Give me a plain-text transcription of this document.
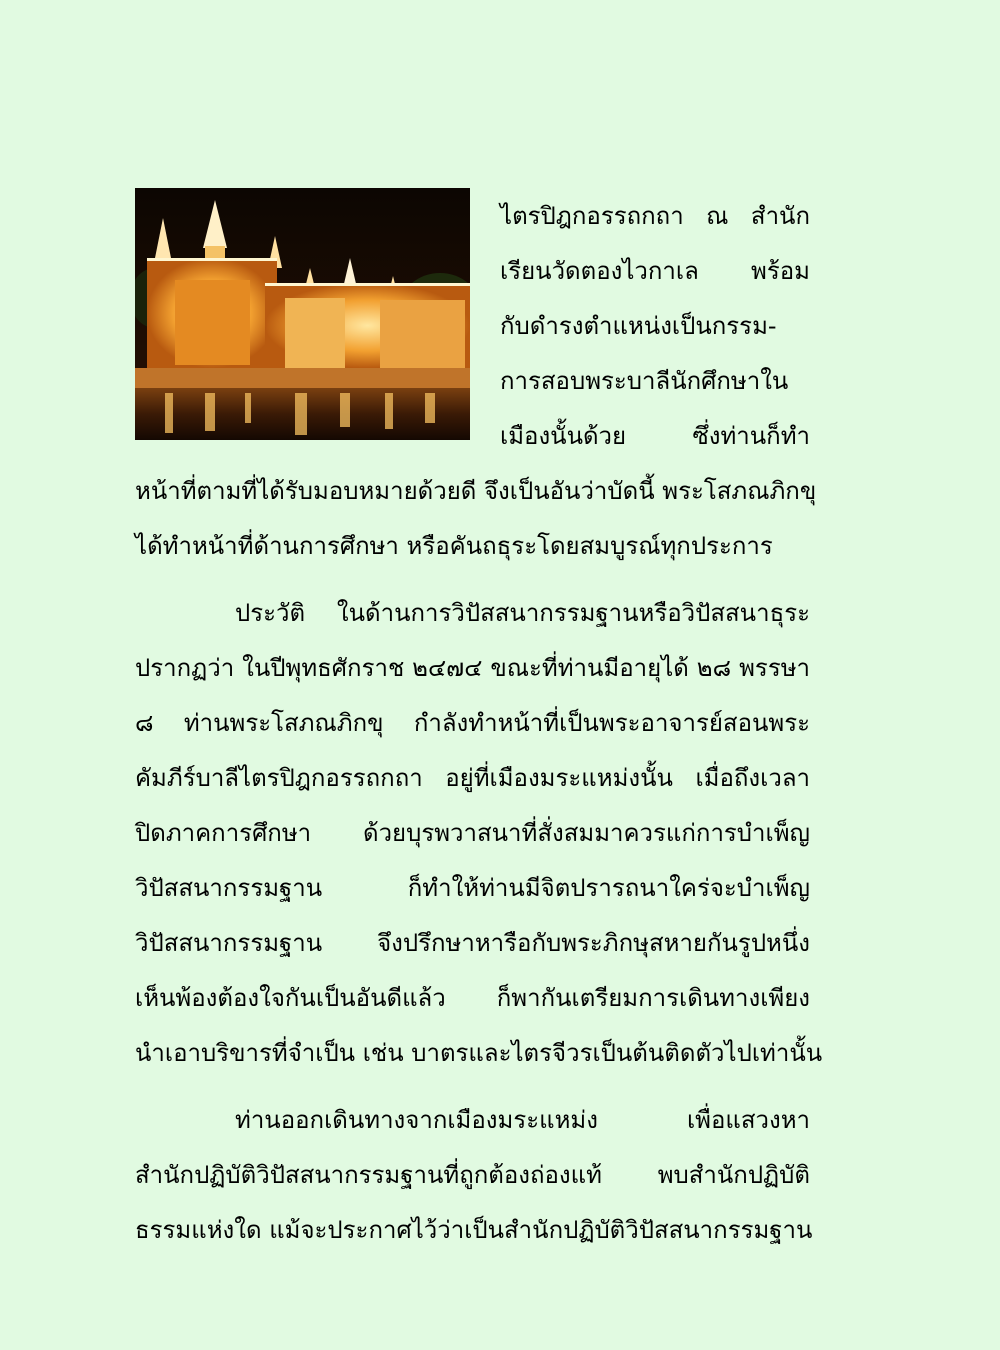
ไตรปิฎกอรรถกถา ณ สำนัก
เรียนวัดตองไวกาเล พร้อม
กับดำรงตำแหน่งเป็นกรรม-
การสอบพระบาลีนักศึกษาใน
เมืองนั้นด้วย ซึ่งท่านก็ทำ
หน้าที่ตามที่ได้รับมอบหมายด้วยดี จึงเป็นอันว่าบัดนี้ พระโสภณภิกขุ
ได้ทำหน้าที่ด้านการศึกษา หรือคันถธุระโดยสมบูรณ์ทุกประการ
ประวัติ ในด้านการวิปัสสนากรรมฐานหรือวิปัสสนาธุระ
ปรากฏว่า ในปีพุทธศักราช ๒๔๗๔ ขณะที่ท่านมีอายุได้ ๒๘ พรรษา
๘ ท่านพระโสภณภิกขุ กำลังทำหน้าที่เป็นพระอาจารย์สอนพระ
คัมภีร์บาลีไตรปิฎกอรรถกถา อยู่ที่เมืองมระแหม่งนั้น เมื่อถึงเวลา
ปิดภาคการศึกษา ด้วยบุรพวาสนาที่สั่งสมมาควรแก่การบำเพ็ญ
วิปัสสนากรรมฐาน ก็ทำให้ท่านมีจิตปรารถนาใคร่จะบำเพ็ญ
วิปัสสนากรรมฐาน จึงปรึกษาหารือกับพระภิกษุสหายกันรูปหนึ่ง
เห็นพ้องต้องใจกันเป็นอันดีแล้ว ก็พากันเตรียมการเดินทางเพียง
นำเอาบริขารที่จำเป็น เช่น บาตรและไตรจีวรเป็นต้นติดตัวไปเท่านั้น
ท่านออกเดินทางจากเมืองมระแหม่ง เพื่อแสวงหา
สำนักปฏิบัติวิปัสสนากรรมฐานที่ถูกต้องถ่องแท้ พบสำนักปฏิบัติ
ธรรมแห่งใด แม้จะประกาศไว้ว่าเป็นสำนักปฏิบัติวิปัสสนากรรมฐาน
